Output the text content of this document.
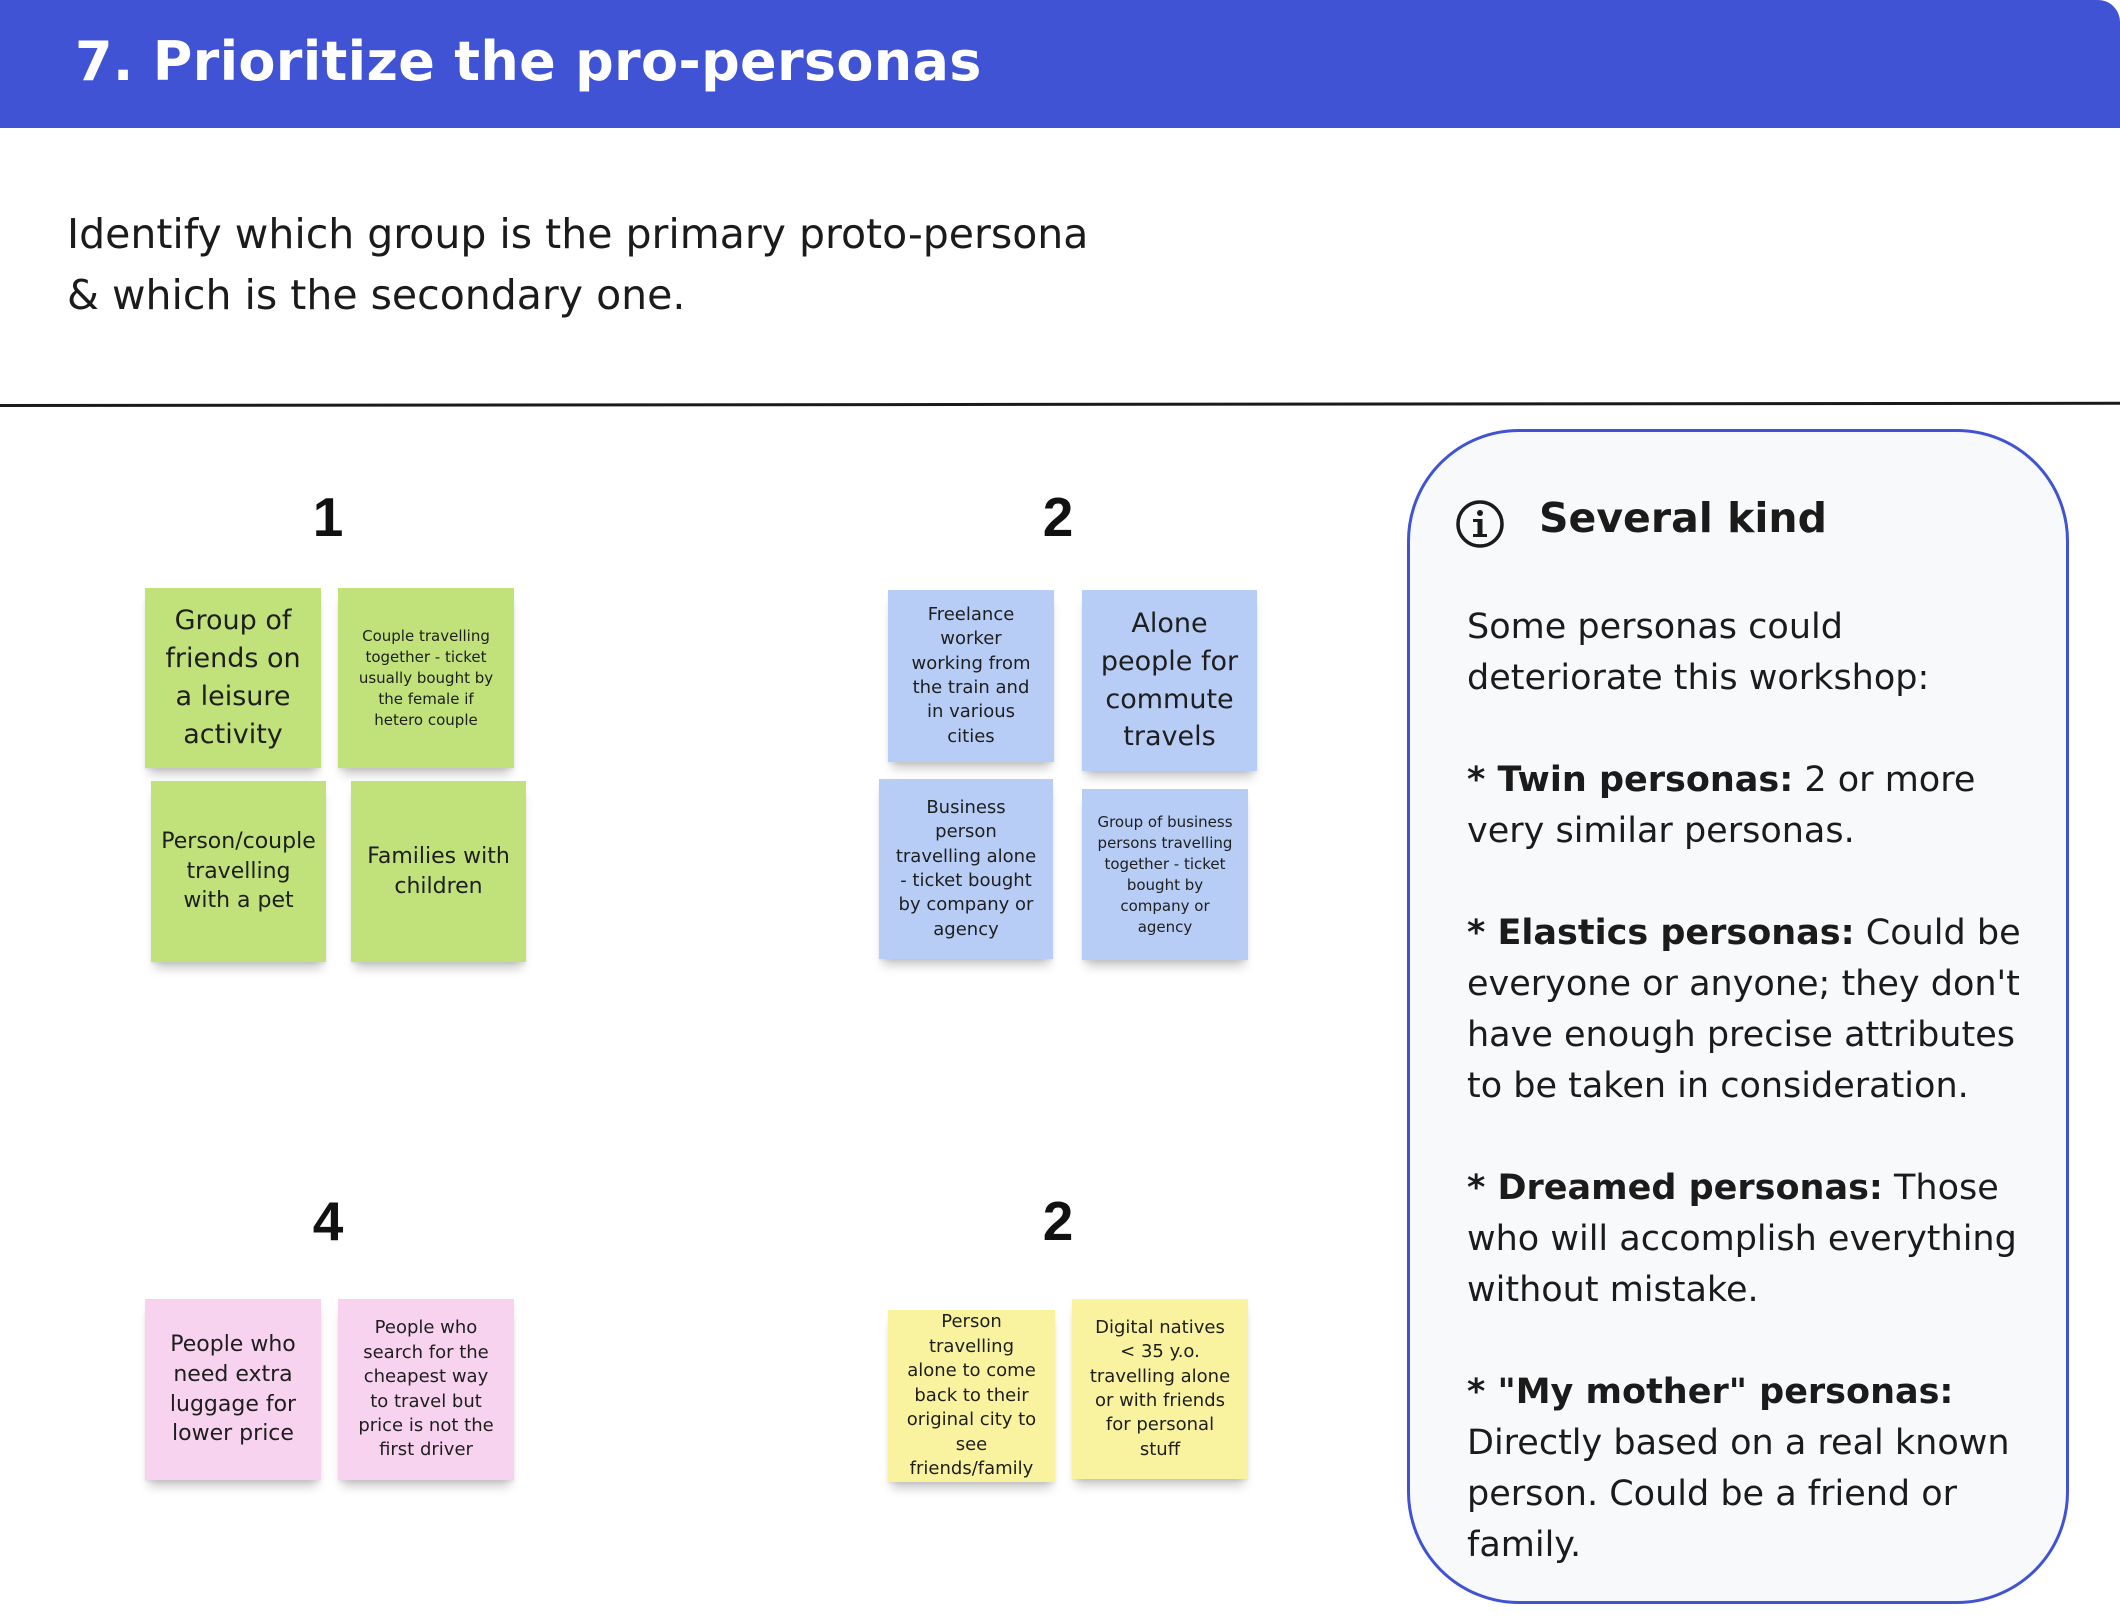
7. Prioritize the pro-personas
Identify which group is the primary proto-persona
& which is the secondary one.
1
Group of friends on a leisure activity
Couple travelling together - ticket usually bought by the female if hetero couple
Person/couple travelling with a pet
Families with children
2
Freelance worker working from the train and in various cities
Alone people for commute travels
Business person travelling alone - ticket bought by company or agency
Group of business persons travelling together - ticket bought by company or agency
4
People who need extra luggage for lower price
People who search for the cheapest way to travel but price is not the first driver
2
Person travelling alone to come back to their original city to see friends/family
Digital natives < 35 y.o. travelling alone or with friends for personal stuff
Several kind

Some personas could deteriorate this workshop:

* Twin personas: 2 or more very similar personas.

* Elastics personas: Could be everyone or anyone; they don't have enough precise attributes to be taken in consideration.

* Dreamed personas: Those who will accomplish everything without mistake.

* "My mother" personas: Directly based on a real known person. Could be a friend or family.
